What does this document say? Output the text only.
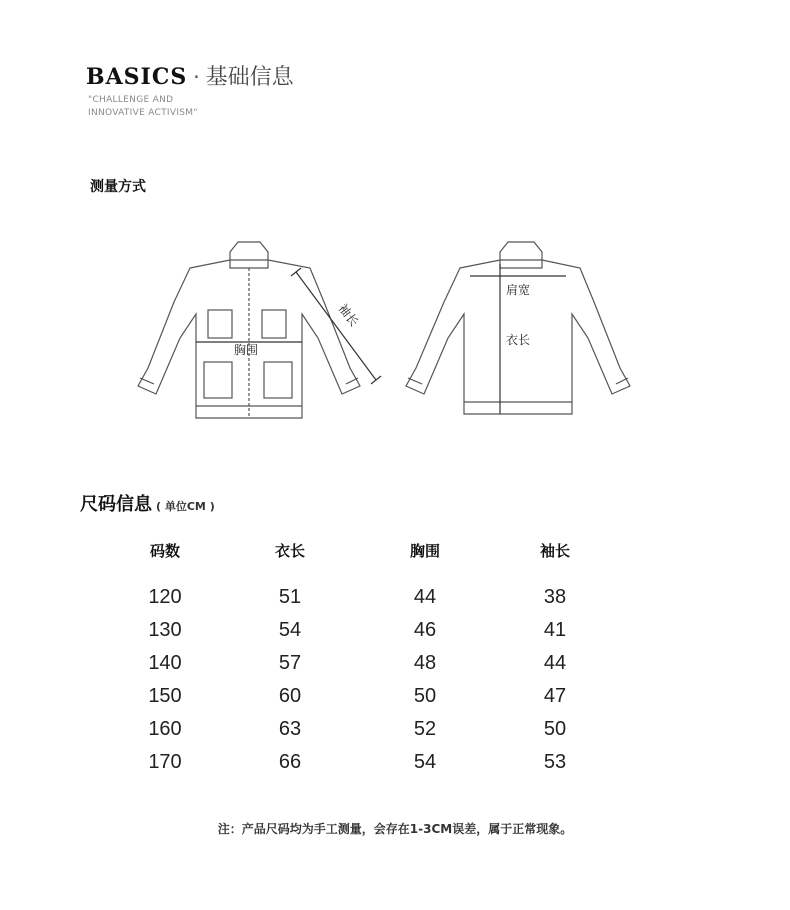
BASICS · 基础信息
"CHALLENGE AND
INNOVATIVE ACTIVISM"
测量方式
袖长
胸围
肩宽
衣长
尺码信息 ( 单位CM )
码数	衣长	胸围	袖长
120	51	44	38
130	54	46	41
140	57	48	44
150	60	50	47
160	63	52	50
170	66	54	53
注：产品尺码均为手工测量，会存在1-3CM误差，属于正常现象。
